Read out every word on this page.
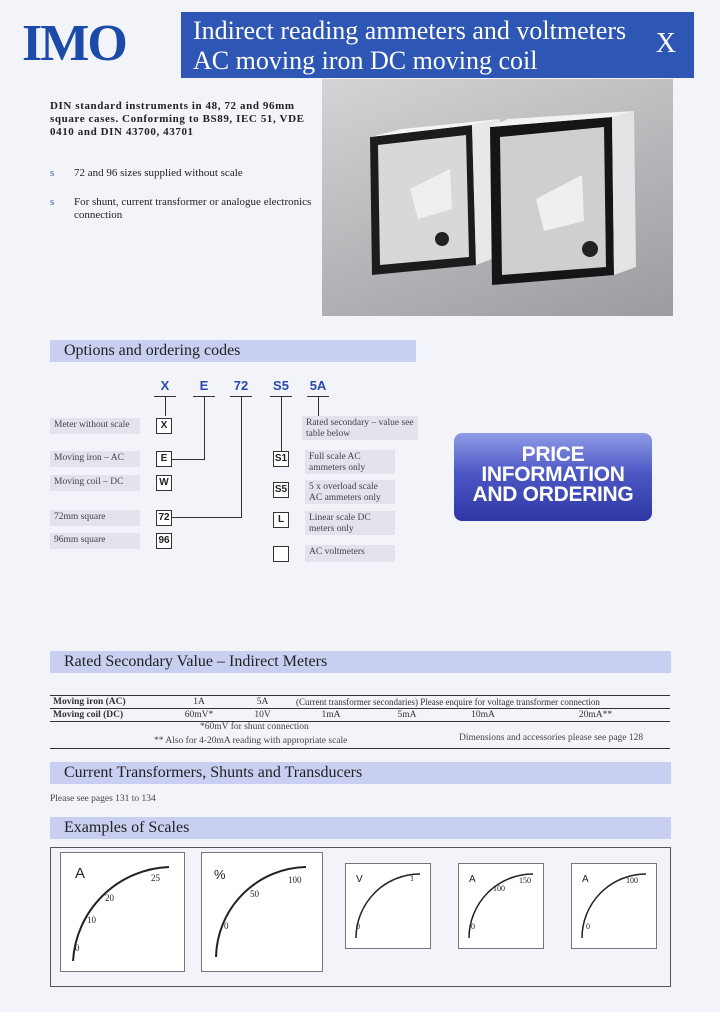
IMO	Indirect reading ammeters and voltmeters
AC moving iron DC moving coil
X
DIN standard instruments in 48, 72 and 96mm square cases. Conforming to BS89, IEC 51, VDE 0410 and DIN 43700, 43701
s 72 and 96 sizes supplied without scale
s For shunt, current transformer or analogue electronics connection
Options and ordering codes
X	E	72	S5	5A
Meter without scale
Moving iron – AC
Moving coil – DC
72mm square
96mm square
X
E
W
72
96
Rated secondary – value see table below
S1
S5
L
Full scale AC ammeters only
5 x overload scale AC ammeters only
Linear scale DC meters only
AC voltmeters
PRICE
INFORMATION
AND ORDERING
Rated Secondary Value – Indirect Meters
Moving iron (AC)	1A	5A	(Current transformer secondaries) Please enquire for voltage transformer connection			
Moving coil (DC)	60mV*	10V	1mA	5mA	10mA	20mA**
*60mV for shunt connection
** Also for 4-20mA reading with appropriate scale	Dimensions and accessories please see page 128
Current Transformers, Shunts and Transducers
Please see pages 131 to 134
Examples of Scales
A
0
10
20
25	%
0
50
100	V
0
1	A
0
100
150	A
0
100
